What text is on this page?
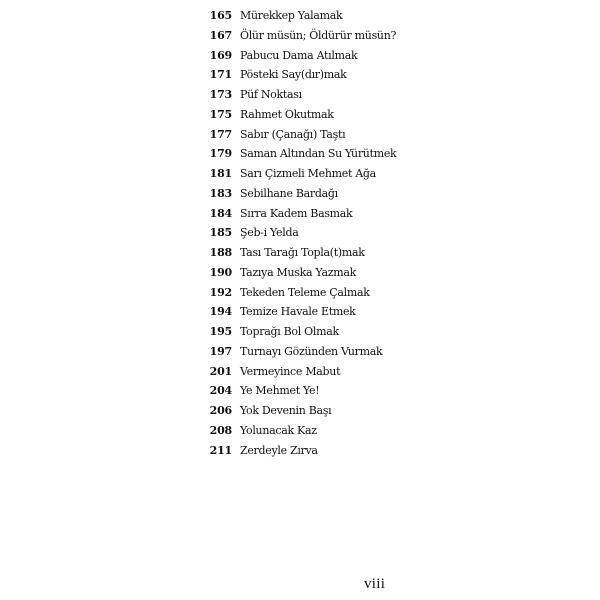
165 Mürekkep Yalamak
167 Ölür müsün; Öldürür müsün?
169 Pabucu Dama Atılmak
171 Pösteki Say(dır)mak
173 Püf Noktası
175 Rahmet Okutmak
177 Sabır (Çanağı) Taştı
179 Saman Altından Su Yürütmek
181 Sarı Çizmeli Mehmet Ağa
183 Sebilhane Bardağı
184 Sırra Kadem Basmak
185 Şeb-i Yelda
188 Tası Tarağı Topla(t)mak
190 Tazıya Muska Yazmak
192 Tekeden Teleme Çalmak
194 Temize Havale Etmek
195 Toprağı Bol Olmak
197 Turnayı Gözünden Vurmak
201 Vermeyince Mabut
204 Ye Mehmet Ye!
206 Yok Devenin Başı
208 Yolunacak Kaz
211 Zerdeyle Zırva
viii
